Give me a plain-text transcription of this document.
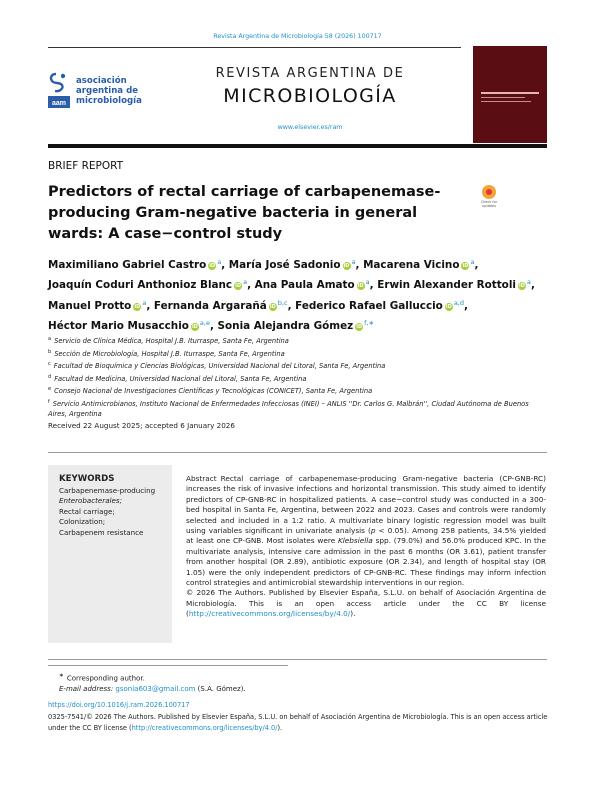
Revista Argentina de Microbiología 58 (2026) 100717
aam
asociación
argentina de
microbiología
REVISTA ARGENTINA DE
MICROBIOLOGÍA
www.elsevier.es/ram
BRIEF REPORT
Predictors of rectal carriage of carbapenemase-producing Gram-negative bacteria in general wards: A case−control study
Check for updates
Maximiliano Gabriel Castro iD $^a$, María José Sadonio iD $^a$, Macarena Vicino iD $^a$,
Joaquín Coduri Anthonioz Blanc iD $^a$, Ana Paula Amato iD $^a$, Erwin Alexander Rottoli iD $^a$,
Manuel Protto iD $^a$, Fernanda Argarañá iD $^{b,c}$, Federico Rafael Galluccio iD $^{a,d}$,
Héctor Mario Musacchio iD $^{a,e}$, Sonia Alejandra Gómez iD $^{f,∗}$
$^a$ Servicio de Clínica Médica, Hospital J.B. Iturraspe, Santa Fe, Argentina
$^b$ Sección de Microbiología, Hospital J.B. Iturraspe, Santa Fe, Argentina
$^c$ Facultad de Bioquímica y Ciencias Biológicas, Universidad Nacional del Litoral, Santa Fe, Argentina
$^d$ Facultad de Medicina, Universidad Nacional del Litoral, Santa Fe, Argentina
$^e$ Consejo Nacional de Investigaciones Científicas y Tecnológicas (CONICET), Santa Fe, Argentina
$^f$ Servicio Antimicrobianos, Instituto Nacional de Enfermedades Infecciosas (INEI) – ANLIS ''Dr. Carlos G. Malbrán'', Ciudad Autónoma de Buenos Aires, Argentina
Received 22 August 2025; accepted 6 January 2026
KEYWORDS
Carbapenemase-producing
Enterobacterales;
Rectal carriage;
Colonization;
Carbapenem resistance
Abstract Rectal carriage of carbapenemase-producing Gram-negative bacteria (CP-GNB-RC) increases the risk of invasive infections and horizontal transmission. This study aimed to identify predictors of CP-GNB-RC in hospitalized patients. A case−control study was conducted in a 300-bed hospital in Santa Fe, Argentina, between 2022 and 2023. Cases and controls were randomly selected and included in a 1:2 ratio. A multivariate binary logistic regression model was built using variables significant in univariate analysis (p < 0.05). Among 258 patients, 34.5% yielded at least one CP-GNB. Most isolates were Klebsiella spp. (79.0%) and 56.0% produced KPC. In the multivariate analysis, intensive care admission in the past 6 months (OR 3.61), patient transfer from another hospital (OR 2.89), antibiotic exposure (OR 2.34), and length of hospital stay (OR 1.05) were the only independent predictors of CP-GNB-RC. These findings may inform infection control strategies and antimicrobial stewardship interventions in our region.
© 2026 The Authors. Published by Elsevier España, S.L.U. on behalf of Asociación Argentina de Microbiología. This is an open access article under the CC BY license (http://creativecommons.org/licenses/by/4.0/).
∗ Corresponding author.
E-mail address: gsonia603@gmail.com (S.A. Gómez).
https://doi.org/10.1016/j.ram.2026.100717
0325-7541/© 2026 The Authors. Published by Elsevier España, S.L.U. on behalf of Asociación Argentina de Microbiología. This is an open access article under the CC BY license (http://creativecommons.org/licenses/by/4.0/).
